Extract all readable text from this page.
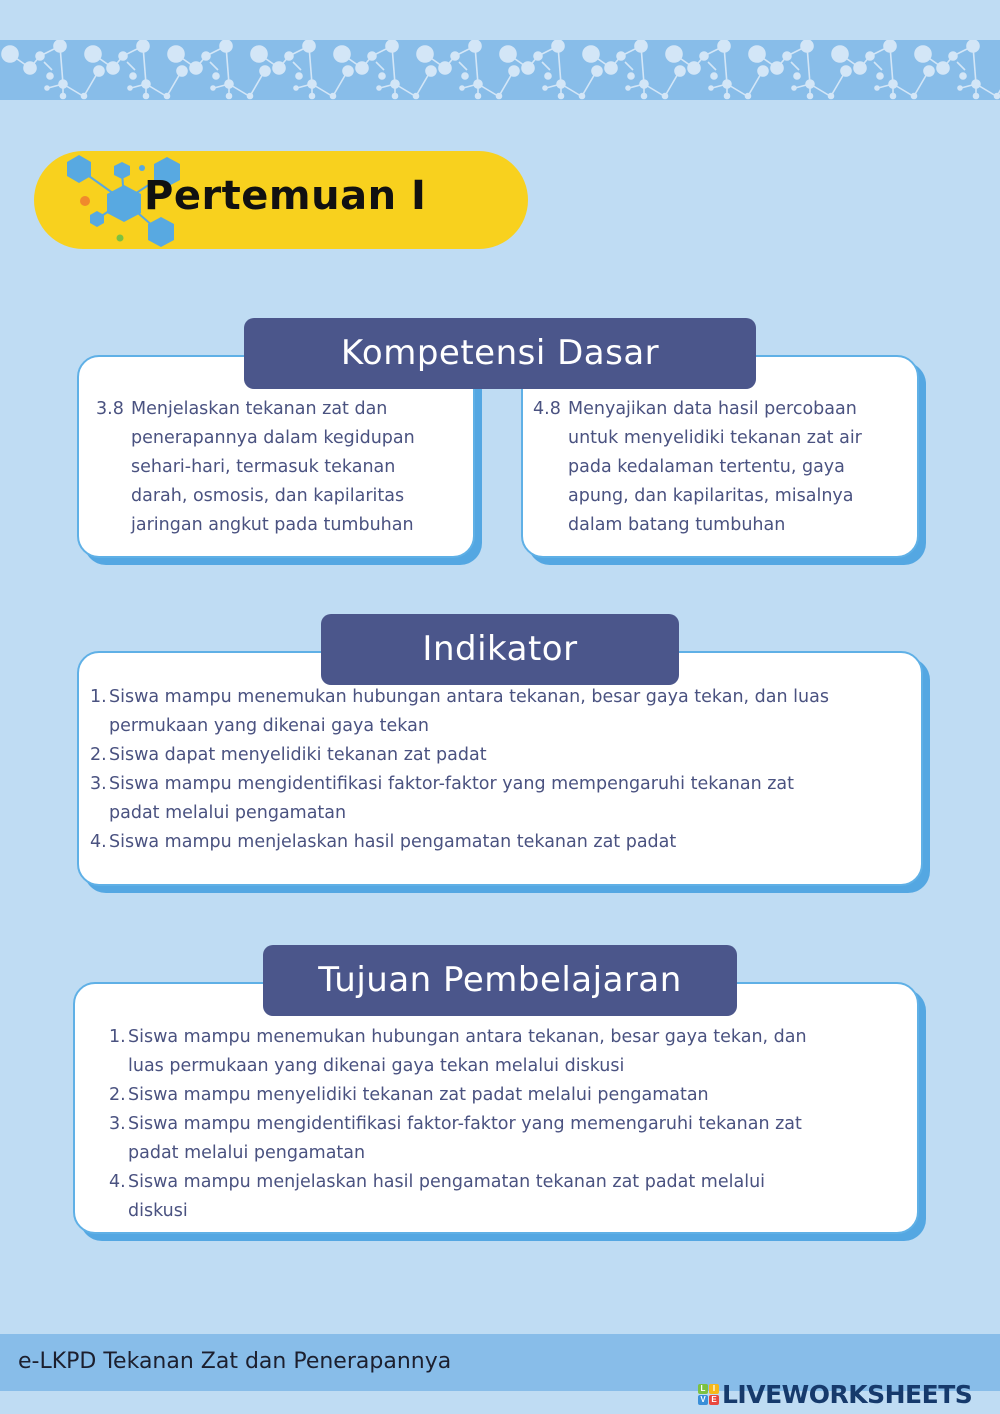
Pertemuan I
Kompetensi Dasar
3.8 Menjelaskan tekanan zat dan
penerapannya dalam kegidupan
sehari-hari, termasuk tekanan
darah, osmosis, dan kapilaritas
jaringan angkut pada tumbuhan
4.8 Menyajikan data hasil percobaan
untuk menyelidiki tekanan zat air
pada kedalaman tertentu, gaya
apung, dan kapilaritas, misalnya
dalam batang tumbuhan
Indikator
1. Siswa mampu menemukan hubungan antara tekanan, besar gaya tekan, dan luas
permukaan yang dikenai gaya tekan
2. Siswa dapat menyelidiki tekanan zat padat
3. Siswa mampu mengidentifikasi faktor-faktor yang mempengaruhi tekanan zat
padat melalui pengamatan
4. Siswa mampu menjelaskan hasil pengamatan tekanan zat padat
Tujuan Pembelajaran
1. Siswa mampu menemukan hubungan antara tekanan, besar gaya tekan, dan
luas permukaan yang dikenai gaya tekan melalui diskusi
2. Siswa mampu menyelidiki tekanan zat padat melalui pengamatan
3. Siswa mampu mengidentifikasi faktor-faktor yang memengaruhi tekanan zat
padat melalui pengamatan
4. Siswa mampu menjelaskan hasil pengamatan tekanan zat padat melalui
diskusi
e-LKPD Tekanan Zat dan Penerapannya
L I
V E LIVEWORKSHEETS
